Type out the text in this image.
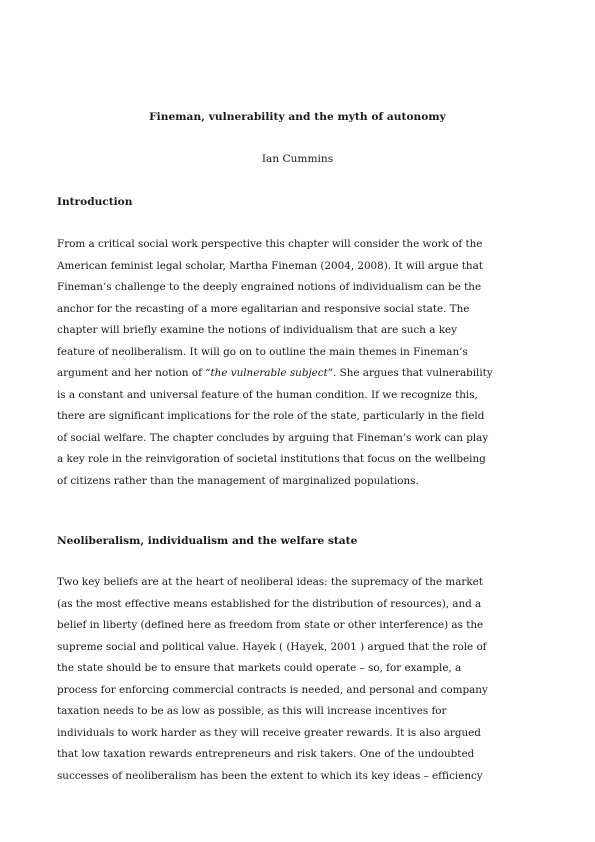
Fineman, vulnerability and the myth of autonomy
Ian Cummins
Introduction
From a critical social work perspective this chapter will consider the work of the
American feminist legal scholar, Martha Fineman (2004, 2008). It will argue that
Fineman’s challenge to the deeply engrained notions of individualism can be the
anchor for the recasting of a more egalitarian and responsive social state. The
chapter will briefly examine the notions of individualism that are such a key
feature of neoliberalism. It will go on to outline the main themes in Fineman’s
argument and her notion of “the vulnerable subject”. She argues that vulnerability
is a constant and universal feature of the human condition. If we recognize this,
there are significant implications for the role of the state, particularly in the field
of social welfare. The chapter concludes by arguing that Fineman’s work can play
a key role in the reinvigoration of societal institutions that focus on the wellbeing
of citizens rather than the management of marginalized populations.
Neoliberalism, individualism and the welfare state
Two key beliefs are at the heart of neoliberal ideas: the supremacy of the market
(as the most effective means established for the distribution of resources), and a
belief in liberty (defined here as freedom from state or other interference) as the
supreme social and political value. Hayek ( (Hayek, 2001 ) argued that the role of
the state should be to ensure that markets could operate – so, for example, a
process for enforcing commercial contracts is needed, and personal and company
taxation needs to be as low as possible, as this will increase incentives for
individuals to work harder as they will receive greater rewards. It is also argued
that low taxation rewards entrepreneurs and risk takers. One of the undoubted
successes of neoliberalism has been the extent to which its key ideas – efficiency
